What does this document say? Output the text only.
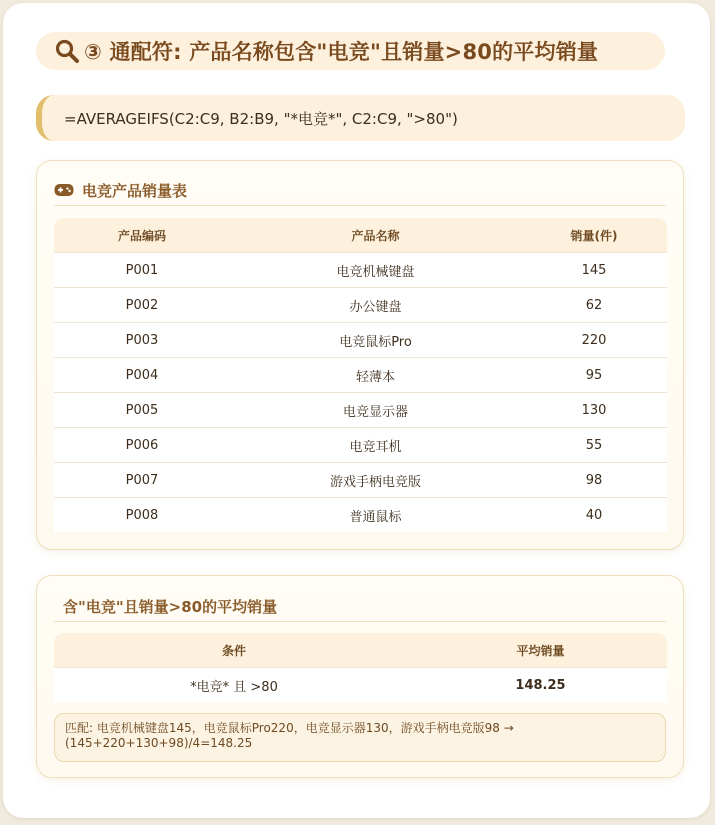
③ 通配符: 产品名称包含"电竞"且销量>80的平均销量
=AVERAGEIFS(C2:C9, B2:B9, "*电竞*", C2:C9, ">80")
电竞产品销量表
产品编码	产品名称	销量(件)
P001	电竞机械键盘	145
P002	办公键盘	62
P003	电竞鼠标Pro	220
P004	轻薄本	95
P005	电竞显示器	130
P006	电竞耳机	55
P007	游戏手柄电竞版	98
P008	普通鼠标	40
含"电竞"且销量>80的平均销量
条件	平均销量
*电竞* 且 >80	148.25
匹配: 电竞机械键盘145，电竞鼠标Pro220，电竞显示器130，游戏手柄电竞版98 →
(145+220+130+98)/4=148.25
